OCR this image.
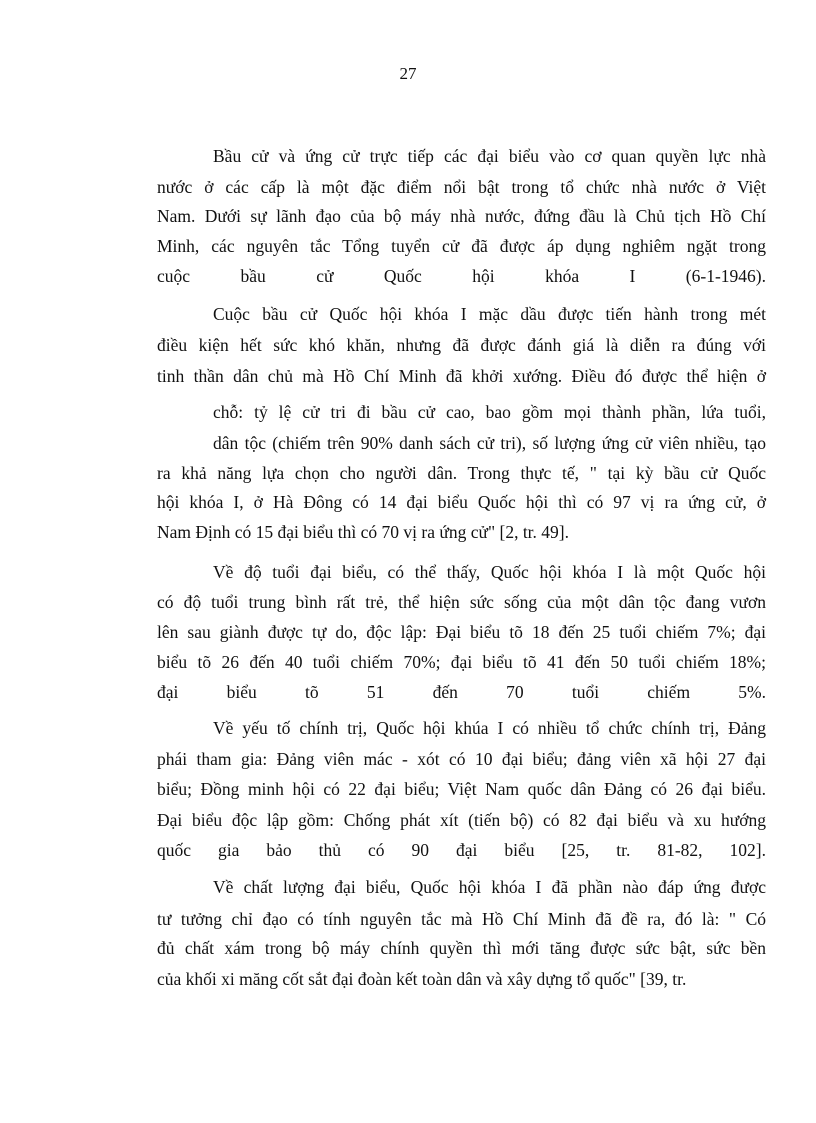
27
Bầu cử và ứng cử trực tiếp các đại biểu vào cơ quan quyền lực nhà
nước ở các cấp là một đặc điểm nổi bật trong tổ chức nhà nước ở Việt
Nam. Dưới sự lãnh đạo của bộ máy nhà nước, đứng đầu là Chủ tịch Hồ Chí
Minh, các nguyên tắc Tổng tuyển cử đã được áp dụng nghiêm ngặt trong
cuộc bầu cử Quốc hội khóa I (6-1-1946).
Cuộc bầu cử Quốc hội khóa I mặc dầu được tiến hành trong mét
điều kiện hết sức khó khăn, nhưng đã được đánh giá là diễn ra đúng với
tinh thần dân chủ mà Hồ Chí Minh đã khởi xướng. Điều đó được thể hiện ở
chỗ: tỷ lệ cử tri đi bầu cử cao, bao gồm mọi thành phần, lứa tuổi,
dân tộc (chiếm trên 90% danh sách cử tri), số lượng ứng cử viên nhiều, tạo
ra khả năng lựa chọn cho người dân. Trong thực tế, " tại kỳ bầu cử Quốc
hội khóa I, ở Hà Đông có 14 đại biểu Quốc hội thì có 97 vị ra ứng cử, ở
Nam Định có 15 đại biểu thì có 70 vị ra ứng cử" [2, tr. 49].
Về độ tuổi đại biểu, có thể thấy, Quốc hội khóa I là một Quốc hội
có độ tuổi trung bình rất trẻ, thể hiện sức sống của một dân tộc đang vươn
lên sau giành được tự do, độc lập: Đại biểu tõ 18 đến 25 tuổi chiếm 7%; đại
biểu tõ 26 đến 40 tuổi chiếm 70%; đại biểu tõ 41 đến 50 tuổi chiếm 18%;
đại biểu tõ 51 đến 70 tuổi chiếm 5%.
Về yếu tố chính trị, Quốc hội khúa I có nhiều tổ chức chính trị, Đảng
phái tham gia: Đảng viên mác - xót có 10 đại biểu; đảng viên xã hội 27 đại
biểu; Đồng minh hội có 22 đại biểu; Việt Nam quốc dân Đảng có 26 đại biểu.
Đại biểu độc lập gồm: Chống phát xít (tiến bộ) có 82 đại biểu và xu hướng
quốc gia bảo thủ có 90 đại biểu [25, tr. 81-82, 102].
Về chất lượng đại biểu, Quốc hội khóa I đã phần nào đáp ứng được
tư tưởng chỉ đạo có tính nguyên tắc mà Hồ Chí Minh đã đề ra, đó là: " Có
đủ chất xám trong bộ máy chính quyền thì mới tăng được sức bật, sức bền
của khối xi măng cốt sắt đại đoàn kết toàn dân và xây dựng tổ quốc" [39, tr.
